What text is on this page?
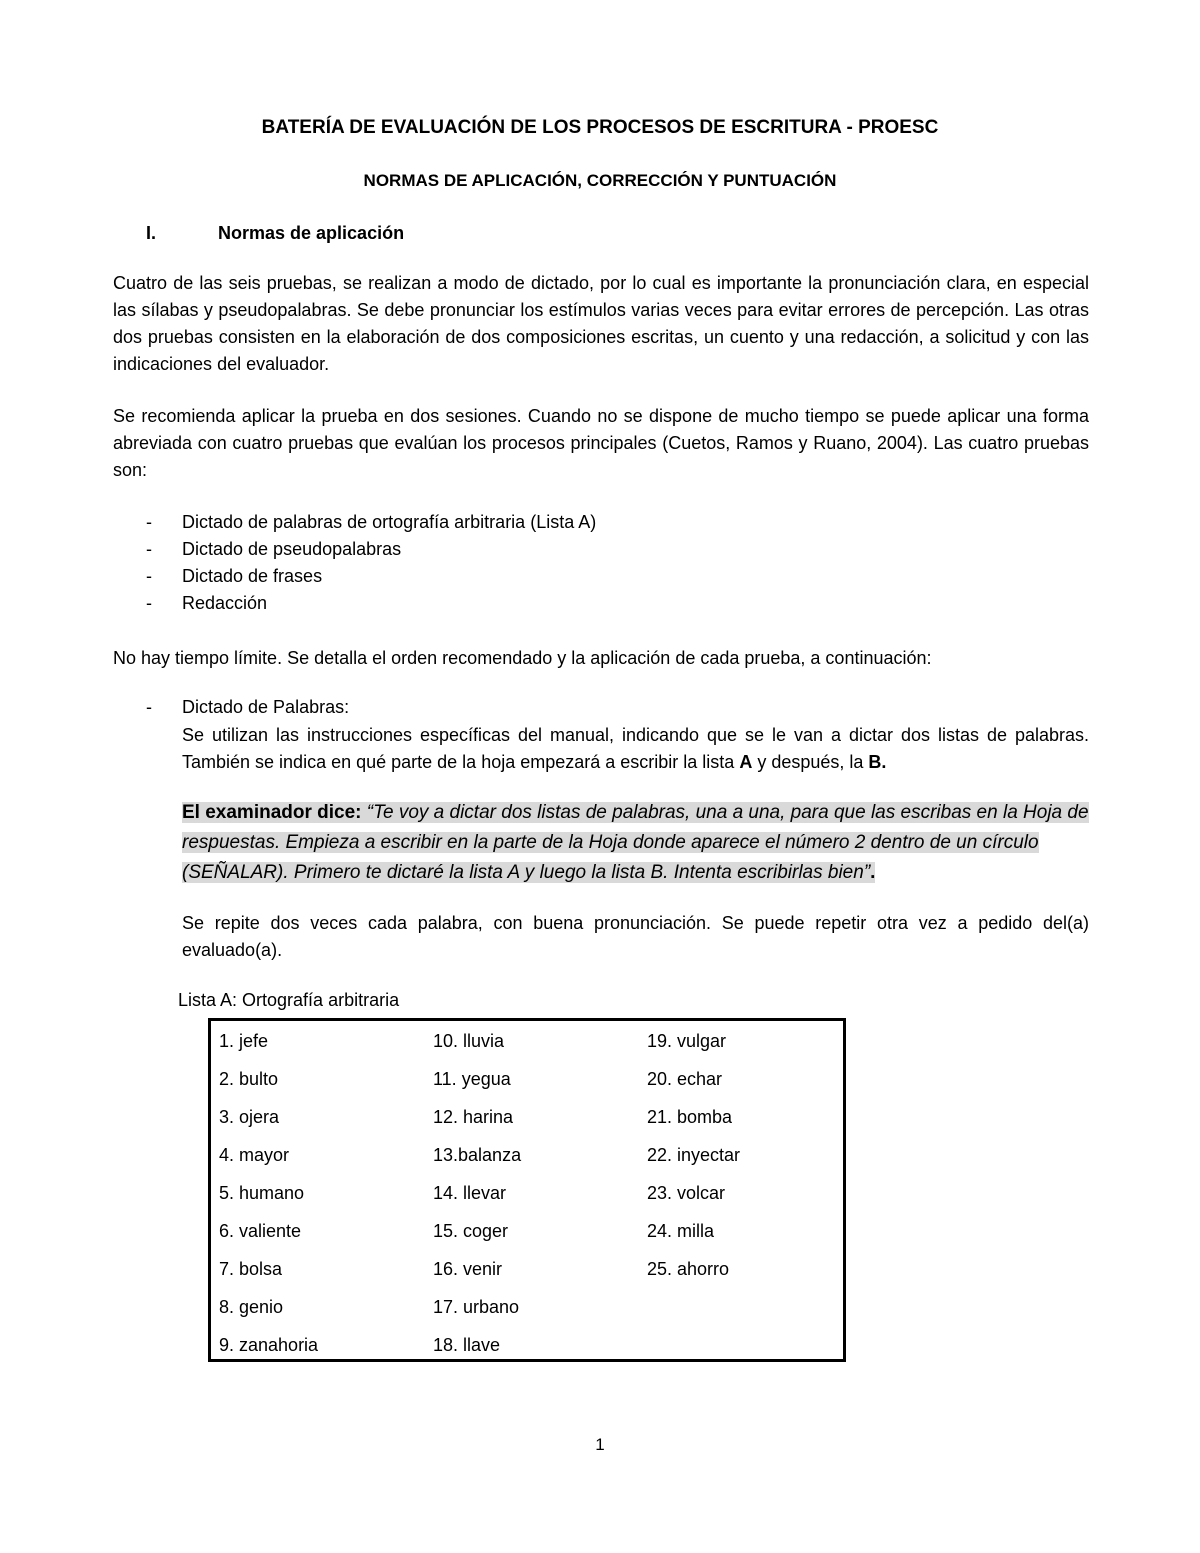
BATERÍA DE EVALUACIÓN DE LOS PROCESOS DE ESCRITURA - PROESC
NORMAS DE APLICACIÓN, CORRECCIÓN Y PUNTUACIÓN
I.	Normas de aplicación
Cuatro de las seis pruebas, se realizan a modo de dictado, por lo cual es importante la pronunciación clara, en especial las sílabas y pseudopalabras. Se debe pronunciar los estímulos varias veces para evitar errores de percepción. Las otras dos pruebas consisten en la elaboración de dos composiciones escritas, un cuento y una redacción, a solicitud y con las indicaciones del evaluador.
Se recomienda aplicar la prueba en dos sesiones. Cuando no se dispone de mucho tiempo se puede aplicar una forma abreviada con cuatro pruebas que evalúan los procesos principales (Cuetos, Ramos y Ruano, 2004). Las cuatro pruebas son:
- Dictado de palabras de ortografía arbitraria (Lista A)
- Dictado de pseudopalabras
- Dictado de frases
- Redacción
No hay tiempo límite. Se detalla el orden recomendado y la aplicación de cada prueba, a continuación:
- Dictado de Palabras:
Se utilizan las instrucciones específicas del manual, indicando que se le van a dictar dos listas de palabras. También se indica en qué parte de la hoja empezará a escribir la lista A y después, la B.
El examinador dice: “Te voy a dictar dos listas de palabras, una a una, para que las escribas en la Hoja de respuestas. Empieza a escribir en la parte de la Hoja donde aparece el número 2 dentro de un círculo (SEÑALAR). Primero te dictaré la lista A y luego la lista B. Intenta escribirlas bien”.
Se repite dos veces cada palabra, con buena pronunciación. Se puede repetir otra vez a pedido del(a) evaluado(a).
Lista A: Ortografía arbitraria
1. jefe
2. bulto
3. ojera
4. mayor
5. humano
6. valiente
7. bolsa
8. genio
9. zanahoria
10. lluvia
11. yegua
12. harina
13.balanza
14. llevar
15. coger
16. venir
17. urbano
18. llave
19. vulgar
20. echar
21. bomba
22. inyectar
23. volcar
24. milla
25. ahorro
1
